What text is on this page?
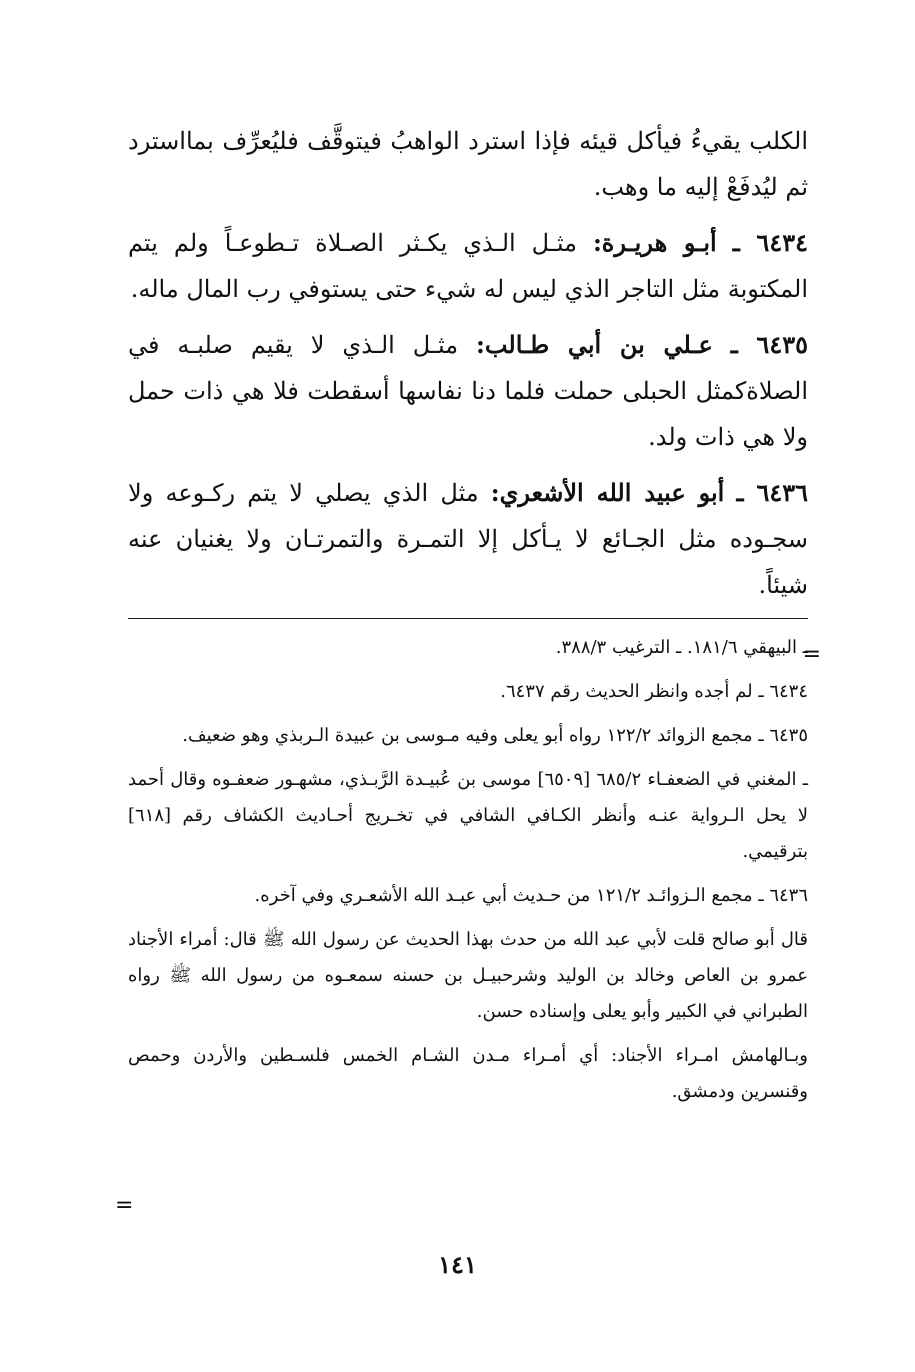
الكلب يقيءُ فيأكل قيئه فإذا استرد الواهبُ فيتوقَّف فليُعرِّف بمااسترد ثم ليُدفَعْ إليه ما وهب.

٦٤٣٤ ـ أبـو هريـرة: مثـل الـذي يكـثر الصـلاة تـطوعـاً ولم يتم المكتوبة مثل التاجر الذي ليس له شيء حتى يستوفي رب المال ماله.

٦٤٣٥ ـ عـلي بن أبي طـالب: مثـل الـذي لا يقيم صلبـه في الصلاةكمثل الحبلى حملت فلما دنا نفاسها أسقطت فلا هي ذات حمل ولا هي ذات ولد.

٦٤٣٦ ـ أبو عبيد الله الأشعري: مثل الذي يصلي لا يتم ركـوعه ولا سجـوده مثل الجـائع لا يـأكل إلا التمـرة والتمرتـان ولا يغنيان عنه شيئاً.

=

ـ البيهقي ١٨١/٦. ـ الترغيب ٣٨٨/٣.

٦٤٣٤ ـ لم أجده وانظر الحديث رقم ٦٤٣٧.

٦٤٣٥ ـ مجمع الزوائد ١٢٢/٢ رواه أبو يعلى وفيه مـوسى بن عبيدة الـربذي وهو ضعيف.

ـ المغني في الضعفـاء ٦٨٥/٢ [٦٥٠٩] موسى بن عُبيـدة الرَّبـذي، مشهـور ضعفـوه وقال أحمد لا يحل الـرواية عنـه وأنظر الكـافي الشافي في تخـريج أحـاديث الكشاف رقم [٦١٨] بترقيمي.

٦٤٣٦ ـ مجمع الـزوائـد ١٢١/٢ من حـديث أبي عبـد الله الأشعـري وفي آخره.

قال أبو صالح قلت لأبي عبد الله من حدث بهذا الحديث عن رسول الله ﷺ قال: أمراء الأجناد عمرو بن العاص وخالد بن الوليد وشرحبيـل بن حسنه سمعـوه من رسول الله ﷺ رواه الطبراني في الكبير وأبو يعلى وإسناده حسن.

وبـالهامش امـراء الأجناد: أي أمـراء مـدن الشـام الخمس فلسـطين والأردن وحمص وقنسرين ودمشق.

=
١٤١
